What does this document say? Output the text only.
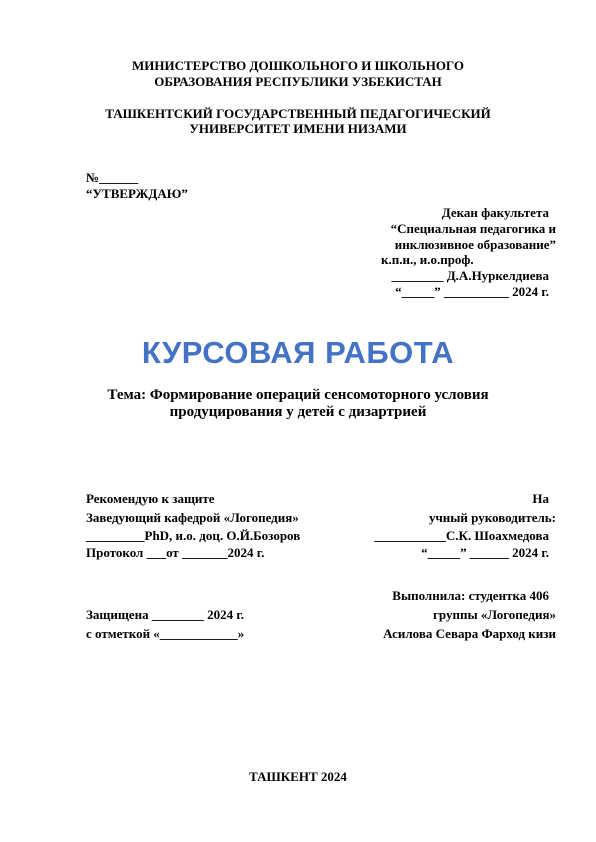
МИНИСТЕРСТВО ДОШКОЛЬНОГО И ШКОЛЬНОГО
ОБРАЗОВАНИЯ РЕСПУБЛИКИ УЗБЕКИСТАН
ТАШКЕНТСКИЙ ГОСУДАРСТВЕННЫЙ ПЕДАГОГИЧЕСКИЙ
УНИВЕРСИТЕТ ИМЕНИ НИЗАМИ
№______
“УТВЕРЖДАЮ”
Декан факультета
“Специальная педагогика и
инклюзивное образование”
к.п.н., и.о.проф.
________ Д.А.Нуркелдиева
“_____” __________ 2024 г.
КУРСОВАЯ РАБОТА
Тема: Формирование операций сенсомоторного условия
продуцирования у детей с дизартрией
Рекомендую к защите
Заведующий кафедрой «Логопедия»
_________PhD, и.о. доц. О.Й.Бозоров
Протокол ___от _______2024 г.
На
учный руководитель:
___________С.К. Шоахмедова
“_____” ______ 2024 г.
Выполнила: студентка 406
группы «Логопедия»
Асилова Севара Фарход кизи
Защищена ________ 2024 г.
с отметкой «____________»
ТАШКЕНТ 2024
